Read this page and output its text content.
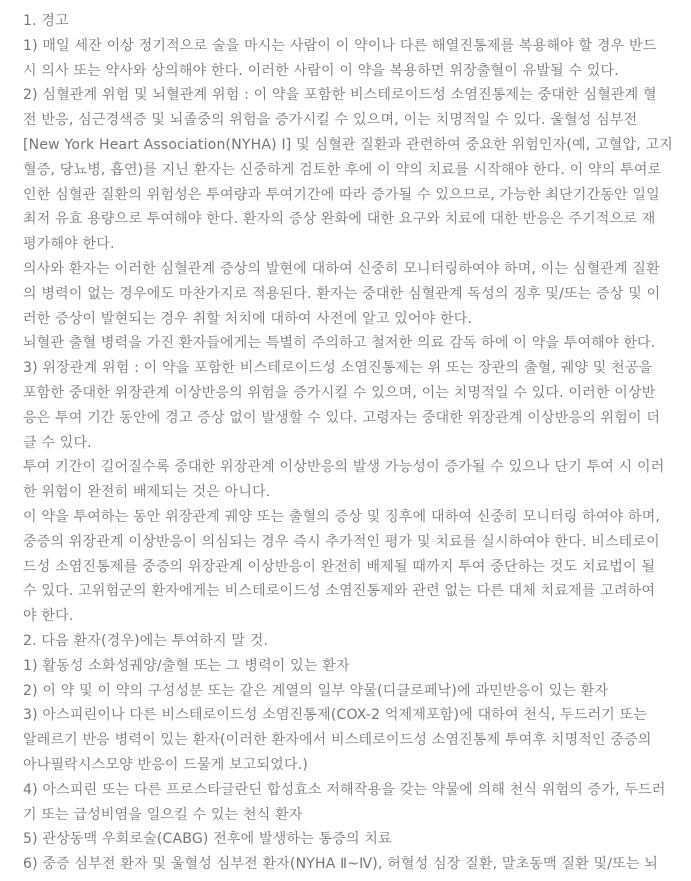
1. 경고
1) 매일 세잔 이상 정기적으로 술을 마시는 사람이 이 약이나 다른 해열진통제를 복용해야 할 경우 반드
시 의사 또는 약사와 상의해야 한다. 이러한 사람이 이 약을 복용하면 위장출혈이 유발될 수 있다.
2) 심혈관계 위험 및 뇌혈관계 위험 : 이 약을 포함한 비스테로이드성 소염진통제는 중대한 심혈관계 혈
전 반응, 심근경색증 및 뇌졸중의 위험을 증가시킬 수 있으며, 이는 치명적일 수 있다. 울혈성 심부전
[New York Heart Association(NYHA) Ⅰ] 및 심혈관 질환과 관련하여 중요한 위험인자(예, 고혈압, 고지
혈증, 당뇨병, 흡연)를 지닌 환자는 신중하게 검토한 후에 이 약의 치료를 시작해야 한다. 이 약의 투여로
인한 심혈관 질환의 위험성은 투여량과 투여기간에 따라 증가될 수 있으므로, 가능한 최단기간동안 일일
최저 유효 용량으로 투여해야 한다. 환자의 증상 완화에 대한 요구와 치료에 대한 반응은 주기적으로 재
평가해야 한다.
의사와 환자는 이러한 심혈관계 증상의 발현에 대하여 신중히 모니터링하여야 하며, 이는 심혈관계 질환
의 병력이 없는 경우에도 마찬가지로 적용된다. 환자는 중대한 심혈관계 독성의 징후 및/또는 증상 및 이
러한 증상이 발현되는 경우 취할 처치에 대하여 사전에 알고 있어야 한다.
뇌혈관 출혈 병력을 가진 환자들에게는 특별히 주의하고 철저한 의료 감독 하에 이 약을 투여해야 한다.
3) 위장관계 위험 : 이 약을 포함한 비스테로이드성 소염진통제는 위 또는 장관의 출혈, 궤양 및 천공을
포함한 중대한 위장관계 이상반응의 위험을 증가시킬 수 있으며, 이는 치명적일 수 있다. 이러한 이상반
응은 투여 기간 동안에 경고 증상 없이 발생할 수 있다. 고령자는 중대한 위장관계 이상반응의 위험이 더
클 수 있다.
투여 기간이 길어질수록 중대한 위장관계 이상반응의 발생 가능성이 증가될 수 있으나 단기 투여 시 이러
한 위험이 완전히 배제되는 것은 아니다.
이 약을 투여하는 동안 위장관계 궤양 또는 출혈의 증상 및 징후에 대하여 신중히 모니터링 하여야 하며,
중증의 위장관계 이상반응이 의심되는 경우 즉시 추가적인 평가 및 치료를 실시하여야 한다. 비스테로이
드성 소염진통제를 중증의 위장관계 이상반응이 완전히 배제될 때까지 투여 중단하는 것도 치료법이 될
수 있다. 고위험군의 환자에게는 비스테로이드성 소염진통제와 관련 없는 다른 대체 치료제를 고려하여
야 한다.
2. 다음 환자(경우)에는 투여하지 말 것.
1) 활동성 소화성궤양/출혈 또는 그 병력이 있는 환자
2) 이 약 및 이 약의 구성성분 또는 같은 계열의 일부 약물(디클로페낙)에 과민반응이 있는 환자
3) 아스피린이나 다른 비스테로이드성 소염진통제(COX-2 억제제포함)에 대하여 천식, 두드러기 또는
알레르기 반응 병력이 있는 환자(이러한 환자에서 비스테로이드성 소염진통제 투여후 치명적인 중증의
아나필락시스모양 반응이 드물게 보고되었다.)
4) 아스피린 또는 다른 프로스타글란딘 합성효소 저해작용을 갖는 약물에 의해 천식 위험의 증가, 두드러
기 또는 급성비염을 일으킬 수 있는 천식 환자
5) 관상동맥 우회로술(CABG) 전후에 발생하는 통증의 치료
6) 중증 심부전 환자 및 울혈성 심부전 환자(NYHA Ⅱ~Ⅳ), 허혈성 심장 질환, 말초동맥 질환 및/또는 뇌
